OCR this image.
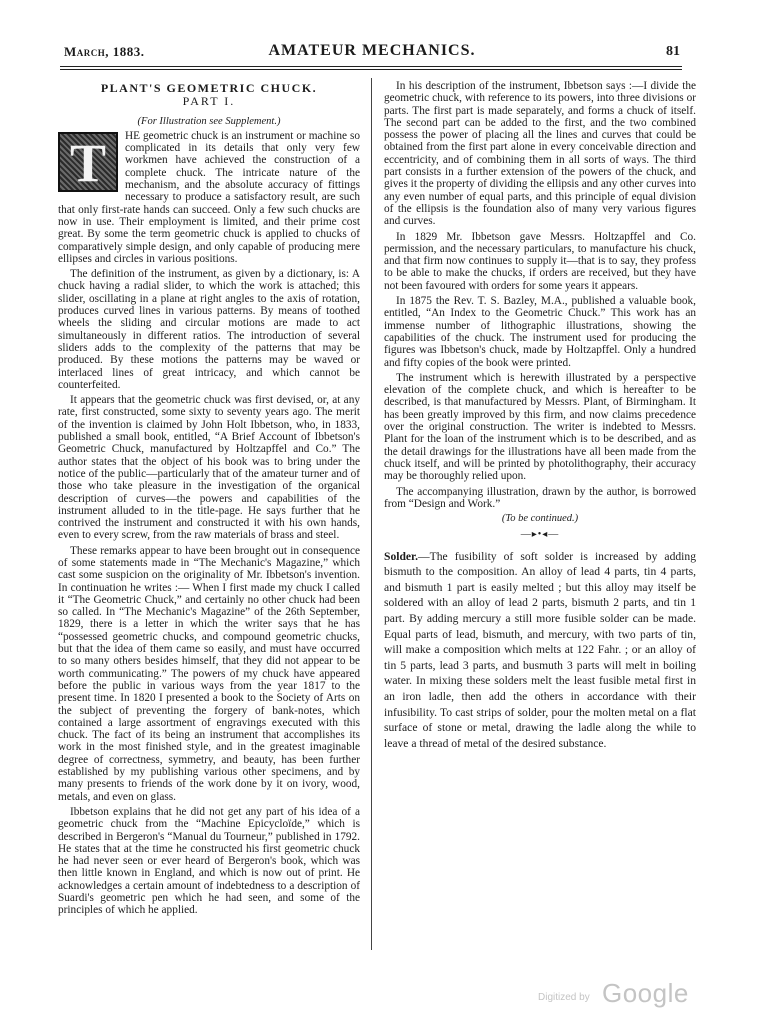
March, 1883.	AMATEUR MECHANICS.	81
PLANT'S GEOMETRIC CHUCK.
PART I.
(For Illustration see Supplement.)

T	HE geometric chuck is an instrument or machine so complicated in its details that only very few workmen have achieved the construction of a complete chuck. The intricate nature of the mechanism, and the absolute accuracy of fittings necessary to produce a satisfactory result, are such that only first-rate hands can succeed. Only a few such chucks are now in use. Their employment is limited, and their prime cost great. By some the term geometric chuck is applied to chucks of comparatively simple design, and only capable of producing mere ellipses and circles in various positions.

The definition of the instrument, as given by a dictionary, is: A chuck having a radial slider, to which the work is attached; this slider, oscillating in a plane at right angles to the axis of rotation, produces curved lines in various patterns. By means of toothed wheels the sliding and circular motions are made to act simultaneously in different ratios. The introduction of several sliders adds to the complexity of the patterns that may be produced. By these motions the patterns may be waved or interlaced lines of great intricacy, and which cannot be counterfeited.

It appears that the geometric chuck was first devised, or, at any rate, first constructed, some sixty to seventy years ago. The merit of the invention is claimed by John Holt Ibbetson, who, in 1833, published a small book, entitled, “A Brief Account of Ibbetson's Geometric Chuck, manufactured by Holtzapffel and Co.” The author states that the object of his book was to bring under the notice of the public—particularly that of the amateur turner and of those who take pleasure in the investigation of the organical description of curves—the powers and capabilities of the instrument alluded to in the title-page. He says further that he contrived the instrument and constructed it with his own hands, even to every screw, from the raw materials of brass and steel.

These remarks appear to have been brought out in consequence of some statements made in “The Mechanic's Magazine,” which cast some suspicion on the originality of Mr. Ibbetson's invention. In continuation he writes :— When I first made my chuck I called it “The Geometric Chuck,” and certainly no other chuck had been so called. In “The Mechanic's Magazine” of the 26th September, 1829, there is a letter in which the writer says that he has “possessed geometric chucks, and compound geometric chucks, but that the idea of them came so easily, and must have occurred to so many others besides himself, that they did not appear to be worth communicating.” The powers of my chuck have appeared before the public in various ways from the year 1817 to the present time. In 1820 I presented a book to the Society of Arts on the subject of preventing the forgery of bank-notes, which contained a large assortment of engravings executed with this chuck. The fact of its being an instrument that accomplishes its work in the most finished style, and in the greatest imaginable degree of correctness, symmetry, and beauty, has been further established by my publishing various other specimens, and by many presents to friends of the work done by it on ivory, wood, metals, and even on glass.

Ibbetson explains that he did not get any part of his idea of a geometric chuck from the “Machine Epicycloïde,” which is described in Bergeron's “Manual du Tourneur,” published in 1792. He states that at the time he constructed his first geometric chuck he had never seen or ever heard of Bergeron's book, which was then little known in England, and which is now out of print. He acknowledges a certain amount of indebtedness to a description of Suardi's geometric pen which he had seen, and some of the principles of which he applied.

In his description of the instrument, Ibbetson says :—I divide the geometric chuck, with reference to its powers, into three divisions or parts. The first part is made separately, and forms a chuck of itself. The second part can be added to the first, and the two combined possess the power of placing all the lines and curves that could be obtained from the first part alone in every conceivable direction and eccentricity, and of combining them in all sorts of ways. The third part consists in a further extension of the powers of the chuck, and gives it the property of dividing the ellipsis and any other curves into any even number of equal parts, and this principle of equal division of the ellipsis is the foundation also of many very various figures and curves.

In 1829 Mr. Ibbetson gave Messrs. Holtzapffel and Co. permission, and the necessary particulars, to manufacture his chuck, and that firm now continues to supply it—that is to say, they profess to be able to make the chucks, if orders are received, but they have not been favoured with orders for some years it appears.

In 1875 the Rev. T. S. Bazley, M.A., published a valuable book, entitled, “An Index to the Geometric Chuck.” This work has an immense number of lithographic illustrations, showing the capabilities of the chuck. The instrument used for producing the figures was Ibbetson's chuck, made by Holtzapffel. Only a hundred and fifty copies of the book were printed.

The instrument which is herewith illustrated by a perspective elevation of the complete chuck, and which is hereafter to be described, is that manufactured by Messrs. Plant, of Birmingham. It has been greatly improved by this firm, and now claims precedence over the original construction. The writer is indebted to Messrs. Plant for the loan of the instrument which is to be described, and as the detail drawings for the illustrations have all been made from the chuck itself, and will be printed by photolithography, their accuracy may be thoroughly relied upon.

The accompanying illustration, drawn by the author, is borrowed from “Design and Work.”

(To be continued.)
—▸•◂—

Solder.—The fusibility of soft solder is increased by adding bismuth to the composition. An alloy of lead 4 parts, tin 4 parts, and bismuth 1 part is easily melted ; but this alloy may itself be soldered with an alloy of lead 2 parts, bismuth 2 parts, and tin 1 part. By adding mercury a still more fusible solder can be made. Equal parts of lead, bismuth, and mercury, with two parts of tin, will make a composition which melts at 122 Fahr. ; or an alloy of tin 5 parts, lead 3 parts, and busmuth 3 parts will melt in boiling water. In mixing these solders melt the least fusible metal first in an iron ladle, then add the others in accordance with their infusibility. To cast strips of solder, pour the molten metal on a flat surface of stone or metal, drawing the ladle along the while to leave a thread of metal of the desired substance.

Digitized by Google
